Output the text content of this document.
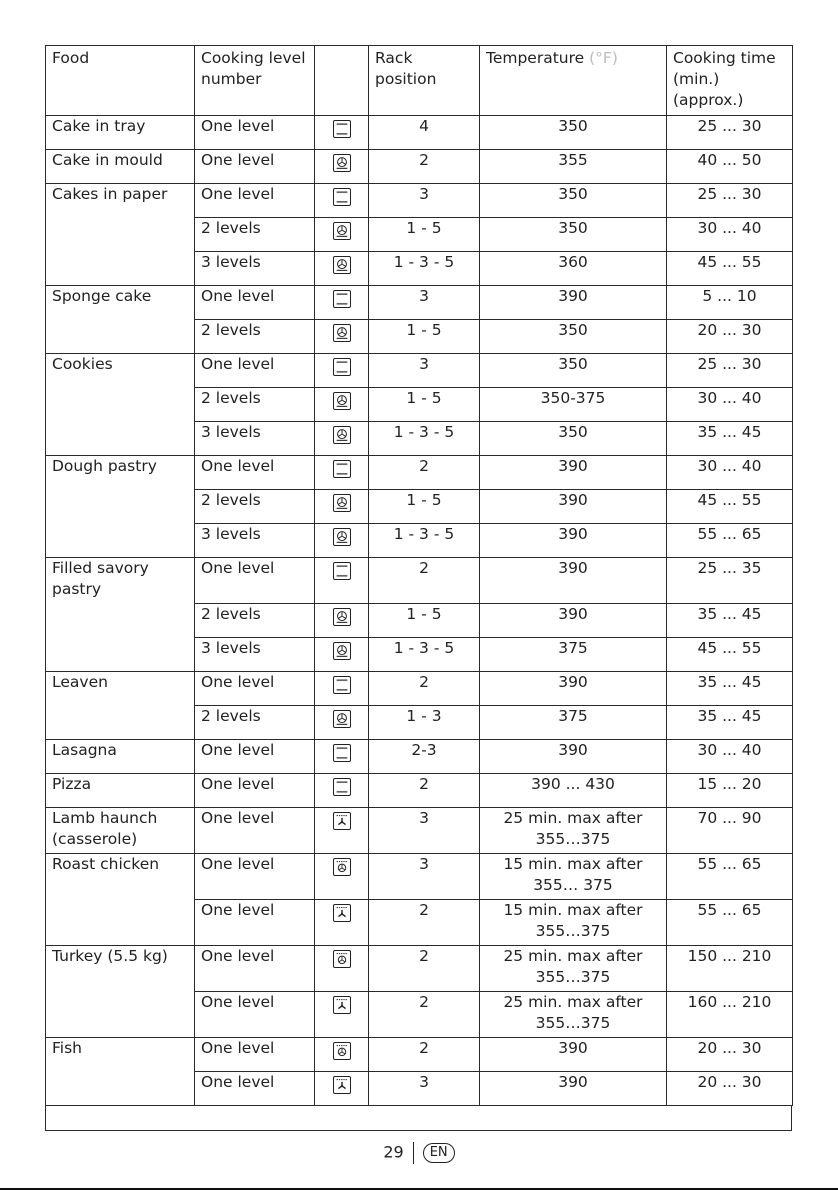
Food	Cooking level number		Rack position	Temperature (°F)	Cooking time (min.) (approx.)
Cake in tray	One level		4	350	25 ... 30
Cake in mould	One level		2	355	40 ... 50
Cakes in paper	One level		3	350	25 ... 30
	2 levels		1 - 5	350	30 ... 40
	3 levels		1 - 3 - 5	360	45 ... 55
Sponge cake	One level		3	390	5 ... 10
	2 levels		1 - 5	350	20 ... 30
Cookies	One level		3	350	25 ... 30
	2 levels		1 - 5	350-375	30 ... 40
	3 levels		1 - 3 - 5	350	35 ... 45
Dough pastry	One level		2	390	30 ... 40
	2 levels		1 - 5	390	45 ... 55
	3 levels		1 - 3 - 5	390	55 ... 65
Filled savory pastry	One level		2	390	25 ... 35
	2 levels		1 - 5	390	35 ... 45
	3 levels		1 - 3 - 5	375	45 ... 55
Leaven	One level		2	390	35 ... 45
	2 levels		1 - 3	375	35 ... 45
Lasagna	One level		2-3	390	30 ... 40
Pizza	One level		2	390 ... 430	15 ... 20
Lamb haunch (casserole)	One level		3	25 min. max after 355…375	70 ... 90
Roast chicken	One level		3	15 min. max after 355… 375	55 ... 65
	One level		2	15 min. max after 355…375	55 ... 65
Turkey (5.5 kg)	One level		2	25 min. max after 355…375	150 ... 210
	One level		2	25 min. max after 355…375	160 ... 210
Fish	One level		2	390	20 ... 30
	One level		3	390	20 ... 30
29 EN
